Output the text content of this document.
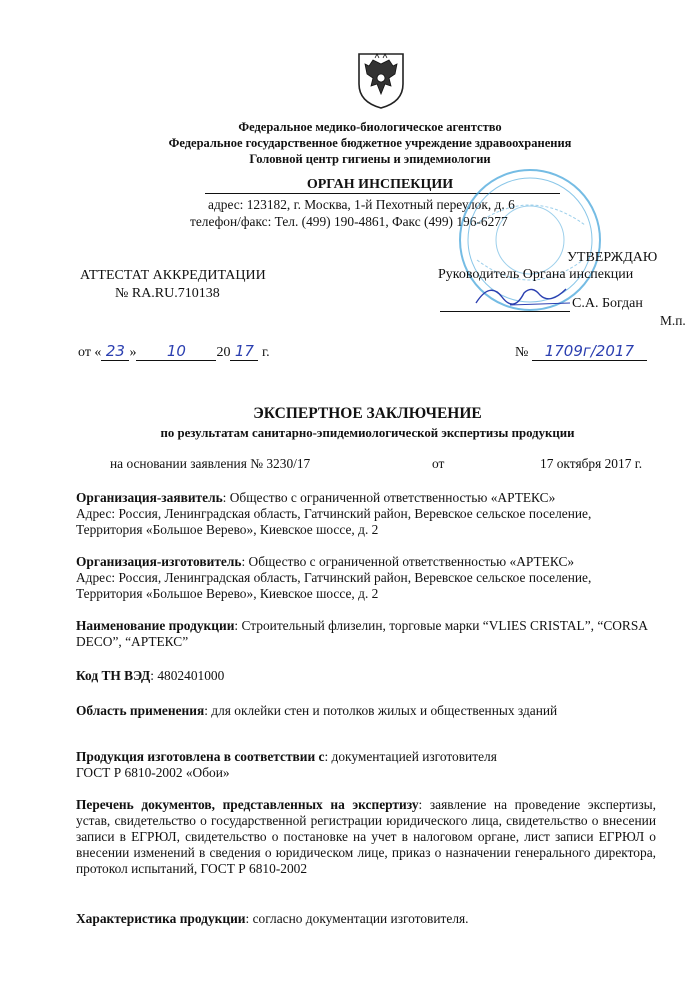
Федеральное медико-биологическое агентство
Федеральное государственное бюджетное учреждение здравоохранения
Головной центр гигиены и эпидемиологии
ОРГАН ИНСПЕКЦИИ
адрес: 123182, г. Москва, 1-й Пехотный переулок, д. 6
телефон/факс: Тел. (499) 190-4861, Факс (499) 196-6277
УТВЕРЖДАЮ
Руководитель Органа инспекции
С.А. Богдан
М.п.
АТТЕСТАТ АККРЕДИТАЦИИ
№ RA.RU.710138
от « 23 » 10 20 17 г.	№ 1709г/2017
ЭКСПЕРТНОЕ ЗАКЛЮЧЕНИЕ
по результатам санитарно-эпидемиологической экспертизы продукции
на основании заявления № 3230/17	от	17 октября 2017 г.
Организация-заявитель: Общество с ограниченной ответственностью «АРТЕКС»
Адрес: Россия, Ленинградская область, Гатчинский район, Веревское сельское поселение, Территория «Большое Верево», Киевское шоссе, д. 2
Организация-изготовитель: Общество с ограниченной ответственностью «АРТЕКС»
Адрес: Россия, Ленинградская область, Гатчинский район, Веревское сельское поселение, Территория «Большое Верево», Киевское шоссе, д. 2
Наименование продукции: Строительный флизелин, торговые марки “VLIES CRISTAL”, “CORSA DECO”, “АРТЕКС”
Код ТН ВЭД: 4802401000
Область применения: для оклейки стен и потолков жилых и общественных зданий
Продукция изготовлена в соответствии с: документацией изготовителя
ГОСТ Р 6810-2002 «Обои»
Перечень документов, представленных на экспертизу: заявление на проведение экспертизы, устав, свидетельство о государственной регистрации юридического лица, свидетельство о внесении записи в ЕГРЮЛ, свидетельство о постановке на учет в налоговом органе, лист записи ЕГРЮЛ о внесении изменений в сведения о юридическом лице, приказ о назначении генерального директора, протокол испытаний, ГОСТ Р 6810-2002
Характеристика продукции: согласно документации изготовителя.
